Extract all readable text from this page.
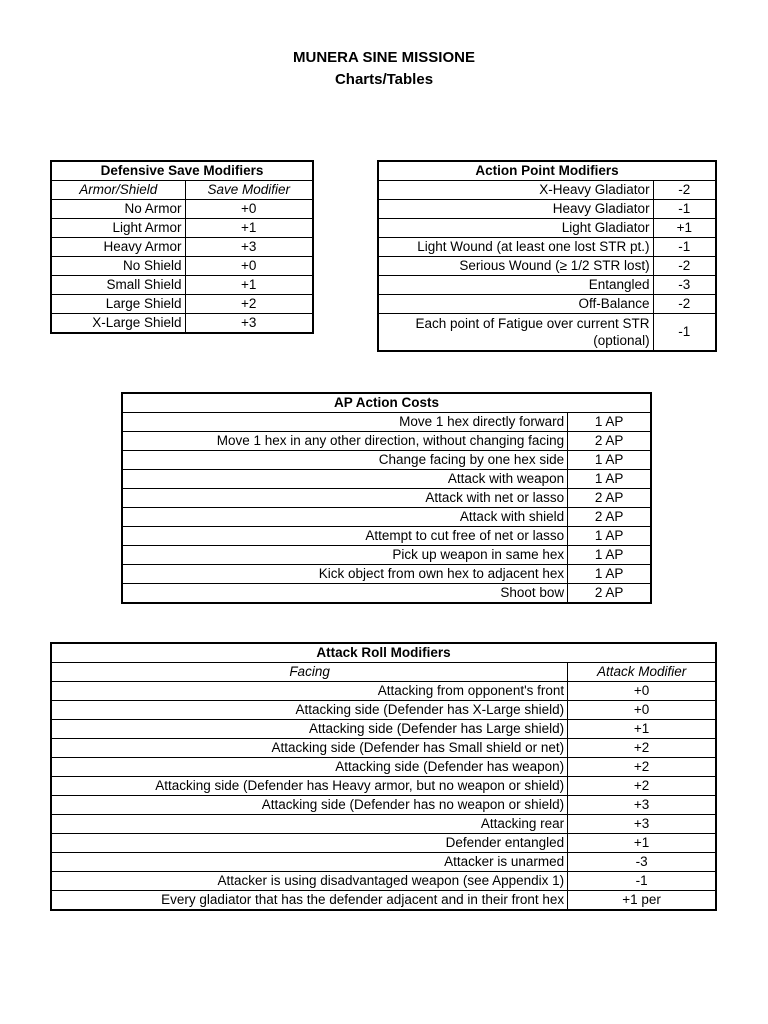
MUNERA SINE MISSIONE
Charts/Tables
Defensive Save Modifiers	
Armor/Shield	Save Modifier
No Armor	+0
Light Armor	+1
Heavy Armor	+3
No Shield	+0
Small Shield	+1
Large Shield	+2
X-Large Shield	+3
Action Point Modifiers	
X-Heavy Gladiator	-2
Heavy Gladiator	-1
Light Gladiator	+1
Light Wound (at least one lost STR pt.)	-1
Serious Wound (≥ 1/2 STR lost)	-2
Entangled	-3
Off-Balance	-2
Each point of Fatigue over current STR (optional)	-1
AP Action Costs	
Move 1 hex directly forward	1 AP
Move 1 hex in any other direction, without changing facing	2 AP
Change facing by one hex side	1 AP
Attack with weapon	1 AP
Attack with net or lasso	2 AP
Attack with shield	2 AP
Attempt to cut free of net or lasso	1 AP
Pick up weapon in same hex	1 AP
Kick object from own hex to adjacent hex	1 AP
Shoot bow	2 AP
Attack Roll Modifiers	
Facing	Attack Modifier
Attacking from opponent's front	+0
Attacking side (Defender has X-Large shield)	+0
Attacking side (Defender has Large shield)	+1
Attacking side (Defender has Small shield or net)	+2
Attacking side (Defender has weapon)	+2
Attacking side (Defender has Heavy armor, but no weapon or shield)	+2
Attacking side (Defender has no weapon or shield)	+3
Attacking rear	+3
Defender entangled	+1
Attacker is unarmed	-3
Attacker is using disadvantaged weapon (see Appendix 1)	-1
Every gladiator that has the defender adjacent and in their front hex	+1 per
